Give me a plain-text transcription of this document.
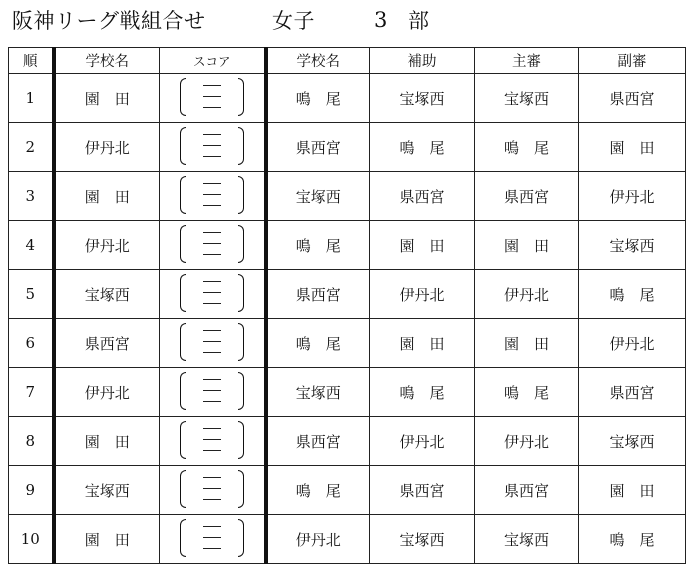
阪神リーグ戦組合せ	女子	3 部
順	学校名	スコア	学校名	補助	主審	副審
1	園　田		鳴　尾	宝塚西	宝塚西	県西宮
2	伊丹北		県西宮	鳴　尾	鳴　尾	園　田
3	園　田		宝塚西	県西宮	県西宮	伊丹北
4	伊丹北		鳴　尾	園　田	園　田	宝塚西
5	宝塚西		県西宮	伊丹北	伊丹北	鳴　尾
6	県西宮		鳴　尾	園　田	園　田	伊丹北
7	伊丹北		宝塚西	鳴　尾	鳴　尾	県西宮
8	園　田		県西宮	伊丹北	伊丹北	宝塚西
9	宝塚西		鳴　尾	県西宮	県西宮	園　田
10	園　田		伊丹北	宝塚西	宝塚西	鳴　尾
